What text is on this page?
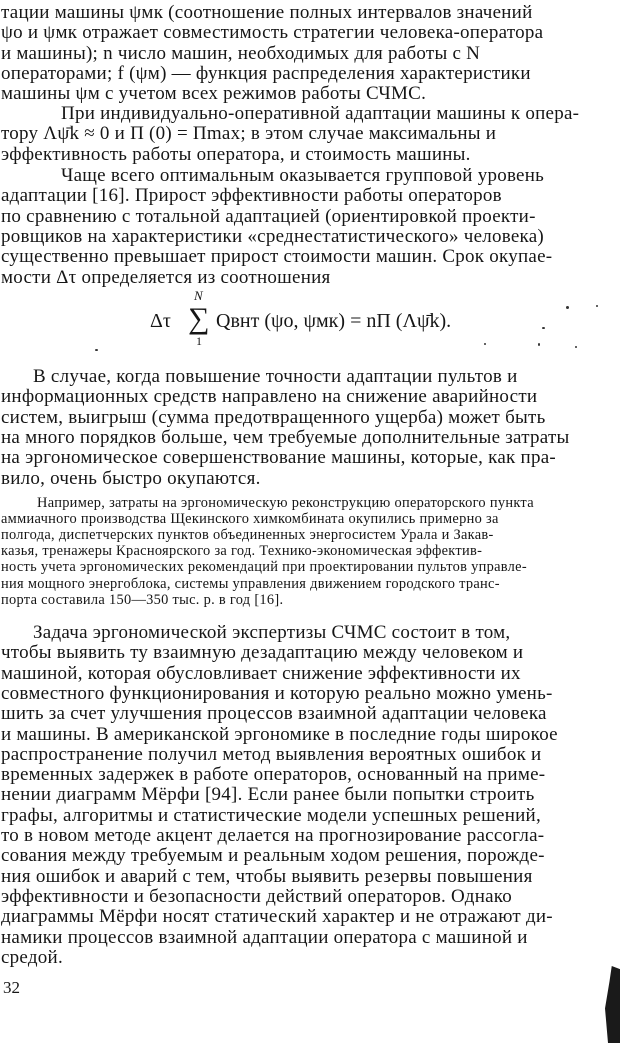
тации машины ψмк (соотношение полных интервалов значений
ψо и ψмк отражает совместимость стратегии человека-оператора
и машины); n число машин, необходимых для работы с N
операторами; f (ψм) — функция распределения характеристики
машины ψм с учетом всех режимов работы СЧМС.
При индивидуально-оперативной адаптации машины к опера-
тору Λψ̄k ≈ 0 и Π (0) = Πmax; в этом случае максимальны и
эффективность работы оператора, и стоимость машины.
Чаще всего оптимальным оказывается групповой уровень
адаптации [16]. Прирост эффективности работы операторов
по сравнению с тотальной адаптацией (ориентировкой проекти-
ровщиков на характеристики «среднестатистического» человека)
существенно превышает прирост стоимости машин. Срок окупае-
мости Δτ определяется из соотношения
В случае, когда повышение точности адаптации пультов и
информационных средств направлено на снижение аварийности
систем, выигрыш (сумма предотвращенного ущерба) может быть
на много порядков больше, чем требуемые дополнительные затраты
на эргономическое совершенствование машины, которые, как пра-
вило, очень быстро окупаются.
Например, затраты на эргономическую реконструкцию операторского пункта
аммиачного производства Щекинского химкомбината окупились примерно за
полгода, диспетчерских пунктов объединенных энергосистем Урала и Закав-
казья, тренажеры Красноярского за год. Технико-экономическая эффектив-
ность учета эргономических рекомендаций при проектировании пультов управле-
ния мощного энергоблока, системы управления движением городского транс-
порта составила 150—350 тыс. р. в год [16].
Задача эргономической экспертизы СЧМС состоит в том,
чтобы выявить ту взаимную дезадаптацию между человеком и
машиной, которая обусловливает снижение эффективности их
совместного функционирования и которую реально можно умень-
шить за счет улучшения процессов взаимной адаптации человека
и машины. В американской эргономике в последние годы широкое
распространение получил метод выявления вероятных ошибок и
временных задержек в работе операторов, основанный на приме-
нении диаграмм Мёрфи [94]. Если ранее были попытки строить
графы, алгоритмы и статистические модели успешных решений,
то в новом методе акцент делается на прогнозирование рассогла-
сования между требуемым и реальным ходом решения, порожде-
ния ошибок и аварий с тем, чтобы выявить резервы повышения
эффективности и безопасности действий операторов. Однако
диаграммы Мёрфи носят статический характер и не отражают ди-
намики процессов взаимной адаптации оператора с машиной и
средой.
Δτ
N
∑
1
Qвнт (ψо, ψмк) = nΠ (Λψ̄k).
32
